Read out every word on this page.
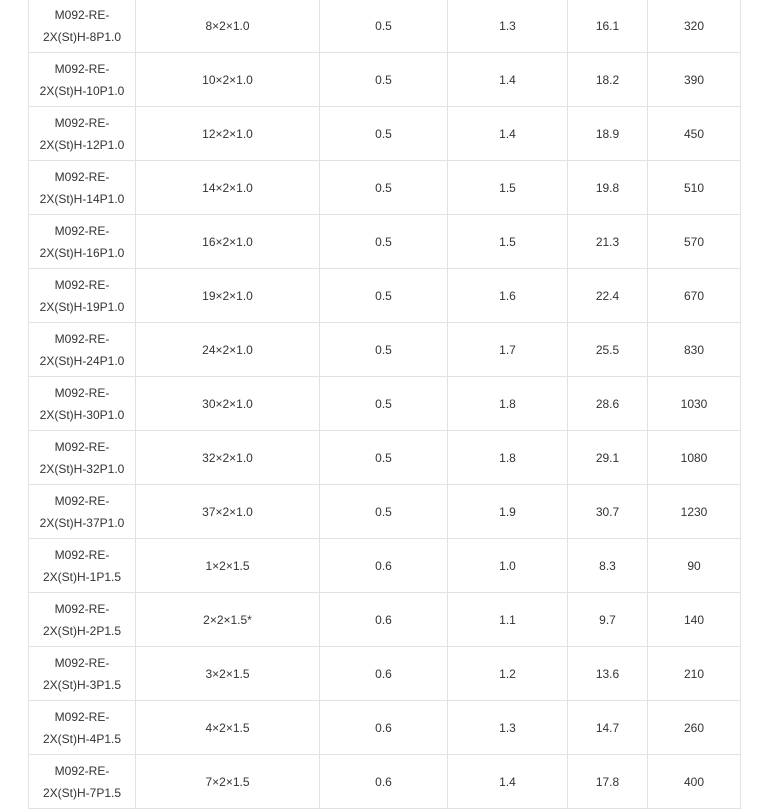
M092-RE-
2X(St)H-8P1.0	8×2×1.0	0.5	1.3	16.1	320

M092-RE-
2X(St)H-10P1.0	10×2×1.0	0.5	1.4	18.2	390

M092-RE-
2X(St)H-12P1.0	12×2×1.0	0.5	1.4	18.9	450

M092-RE-
2X(St)H-14P1.0	14×2×1.0	0.5	1.5	19.8	510

M092-RE-
2X(St)H-16P1.0	16×2×1.0	0.5	1.5	21.3	570

M092-RE-
2X(St)H-19P1.0	19×2×1.0	0.5	1.6	22.4	670

M092-RE-
2X(St)H-24P1.0	24×2×1.0	0.5	1.7	25.5	830

M092-RE-
2X(St)H-30P1.0	30×2×1.0	0.5	1.8	28.6	1030

M092-RE-
2X(St)H-32P1.0	32×2×1.0	0.5	1.8	29.1	1080

M092-RE-
2X(St)H-37P1.0	37×2×1.0	0.5	1.9	30.7	1230

M092-RE-
2X(St)H-1P1.5	1×2×1.5	0.6	1.0	8.3	90

M092-RE-
2X(St)H-2P1.5	2×2×1.5*	0.6	1.1	9.7	140

M092-RE-
2X(St)H-3P1.5	3×2×1.5	0.6	1.2	13.6	210

M092-RE-
2X(St)H-4P1.5	4×2×1.5	0.6	1.3	14.7	260

M092-RE-
2X(St)H-7P1.5	7×2×1.5	0.6	1.4	17.8	400
